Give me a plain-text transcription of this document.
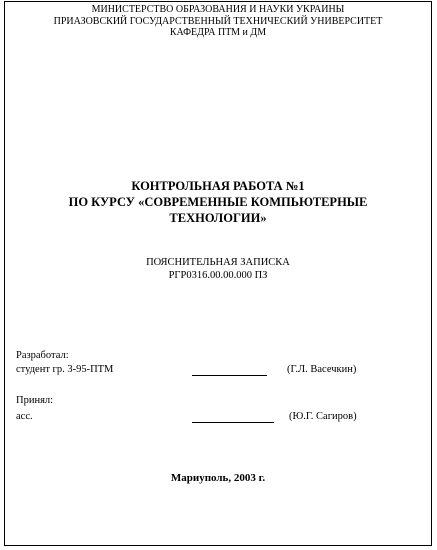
МИНИСТЕРСТВО ОБРАЗОВАНИЯ И НАУКИ УКРАИНЫ
ПРИАЗОВСКИЙ ГОСУДАРСТВЕННЫЙ ТЕХНИЧЕСКИЙ УНИВЕРСИТЕТ
КАФЕДРА ПТМ и ДМ
КОНТРОЛЬНАЯ РАБОТА №1
ПО КУРСУ «СОВРЕМЕННЫЕ КОМПЬЮТЕРНЫЕ
ТЕХНОЛОГИИ»
ПОЯСНИТЕЛЬНАЯ ЗАПИСКА
РГР0316.00.00.000 ПЗ
Разработал:
студент гр. 3-95-ПТМ	(Г.Л. Васечкин)
Принял:
асс.	(Ю.Г. Сагиров)
Мариуполь, 2003 г.
